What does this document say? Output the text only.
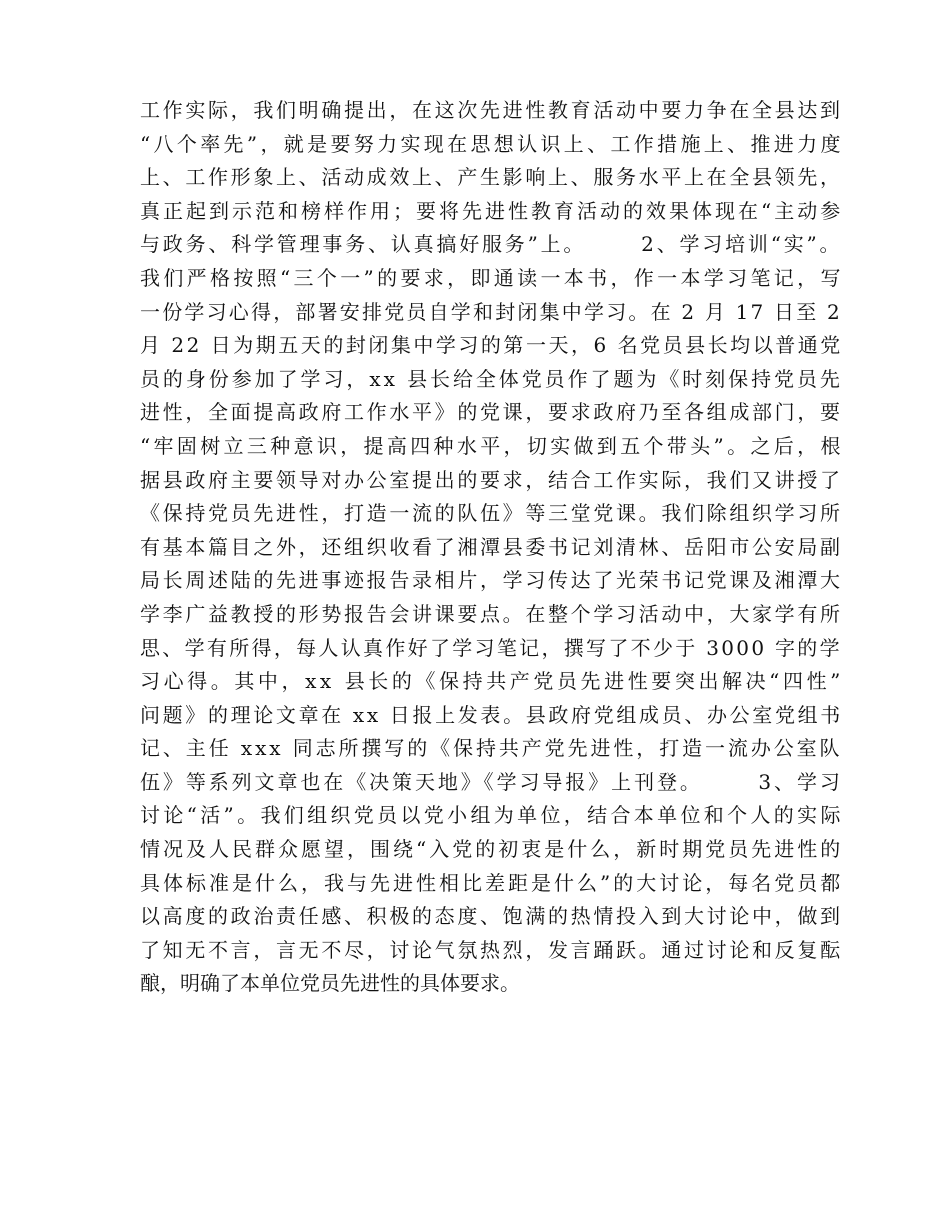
工作实际，我们明确提出，在这次先进性教育活动中要力争在全县达到
“八个率先”，就是要努力实现在思想认识上、工作措施上、推进力度
上、工作形象上、活动成效上、产生影响上、服务水平上在全县领先，
真正起到示范和榜样作用；要将先进性教育活动的效果体现在“主动参
与政务、科学管理事务、认真搞好服务”上。      2、学习培训“实”。
我们严格按照“三个一”的要求，即通读一本书，作一本学习笔记，写
一份学习心得，部署安排党员自学和封闭集中学习。在 2 月 17 日至 2
月 22 日为期五天的封闭集中学习的第一天，6 名党员县长均以普通党
员的身份参加了学习，xx 县长给全体党员作了题为《时刻保持党员先
进性，全面提高政府工作水平》的党课，要求政府乃至各组成部门，要
“牢固树立三种意识，提高四种水平，切实做到五个带头”。之后，根
据县政府主要领导对办公室提出的要求，结合工作实际，我们又讲授了
《保持党员先进性，打造一流的队伍》等三堂党课。我们除组织学习所
有基本篇目之外，还组织收看了湘潭县委书记刘清林、岳阳市公安局副
局长周述陆的先进事迹报告录相片，学习传达了光荣书记党课及湘潭大
学李广益教授的形势报告会讲课要点。在整个学习活动中，大家学有所
思、学有所得，每人认真作好了学习笔记，撰写了不少于 3000 字的学
习心得。其中，xx 县长的《保持共产党员先进性要突出解决“四性”
问题》的理论文章在 xx 日报上发表。县政府党组成员、办公室党组书
记、主任 xxx 同志所撰写的《保持共产党先进性，打造一流办公室队
伍》等系列文章也在《决策天地》《学习导报》上刊登。      3、学习
讨论“活”。我们组织党员以党小组为单位，结合本单位和个人的实际
情况及人民群众愿望，围绕“入党的初衷是什么，新时期党员先进性的
具体标准是什么，我与先进性相比差距是什么”的大讨论，每名党员都
以高度的政治责任感、积极的态度、饱满的热情投入到大讨论中，做到
了知无不言，言无不尽，讨论气氛热烈，发言踊跃。通过讨论和反复酝
酿，明确了本单位党员先进性的具体要求。
